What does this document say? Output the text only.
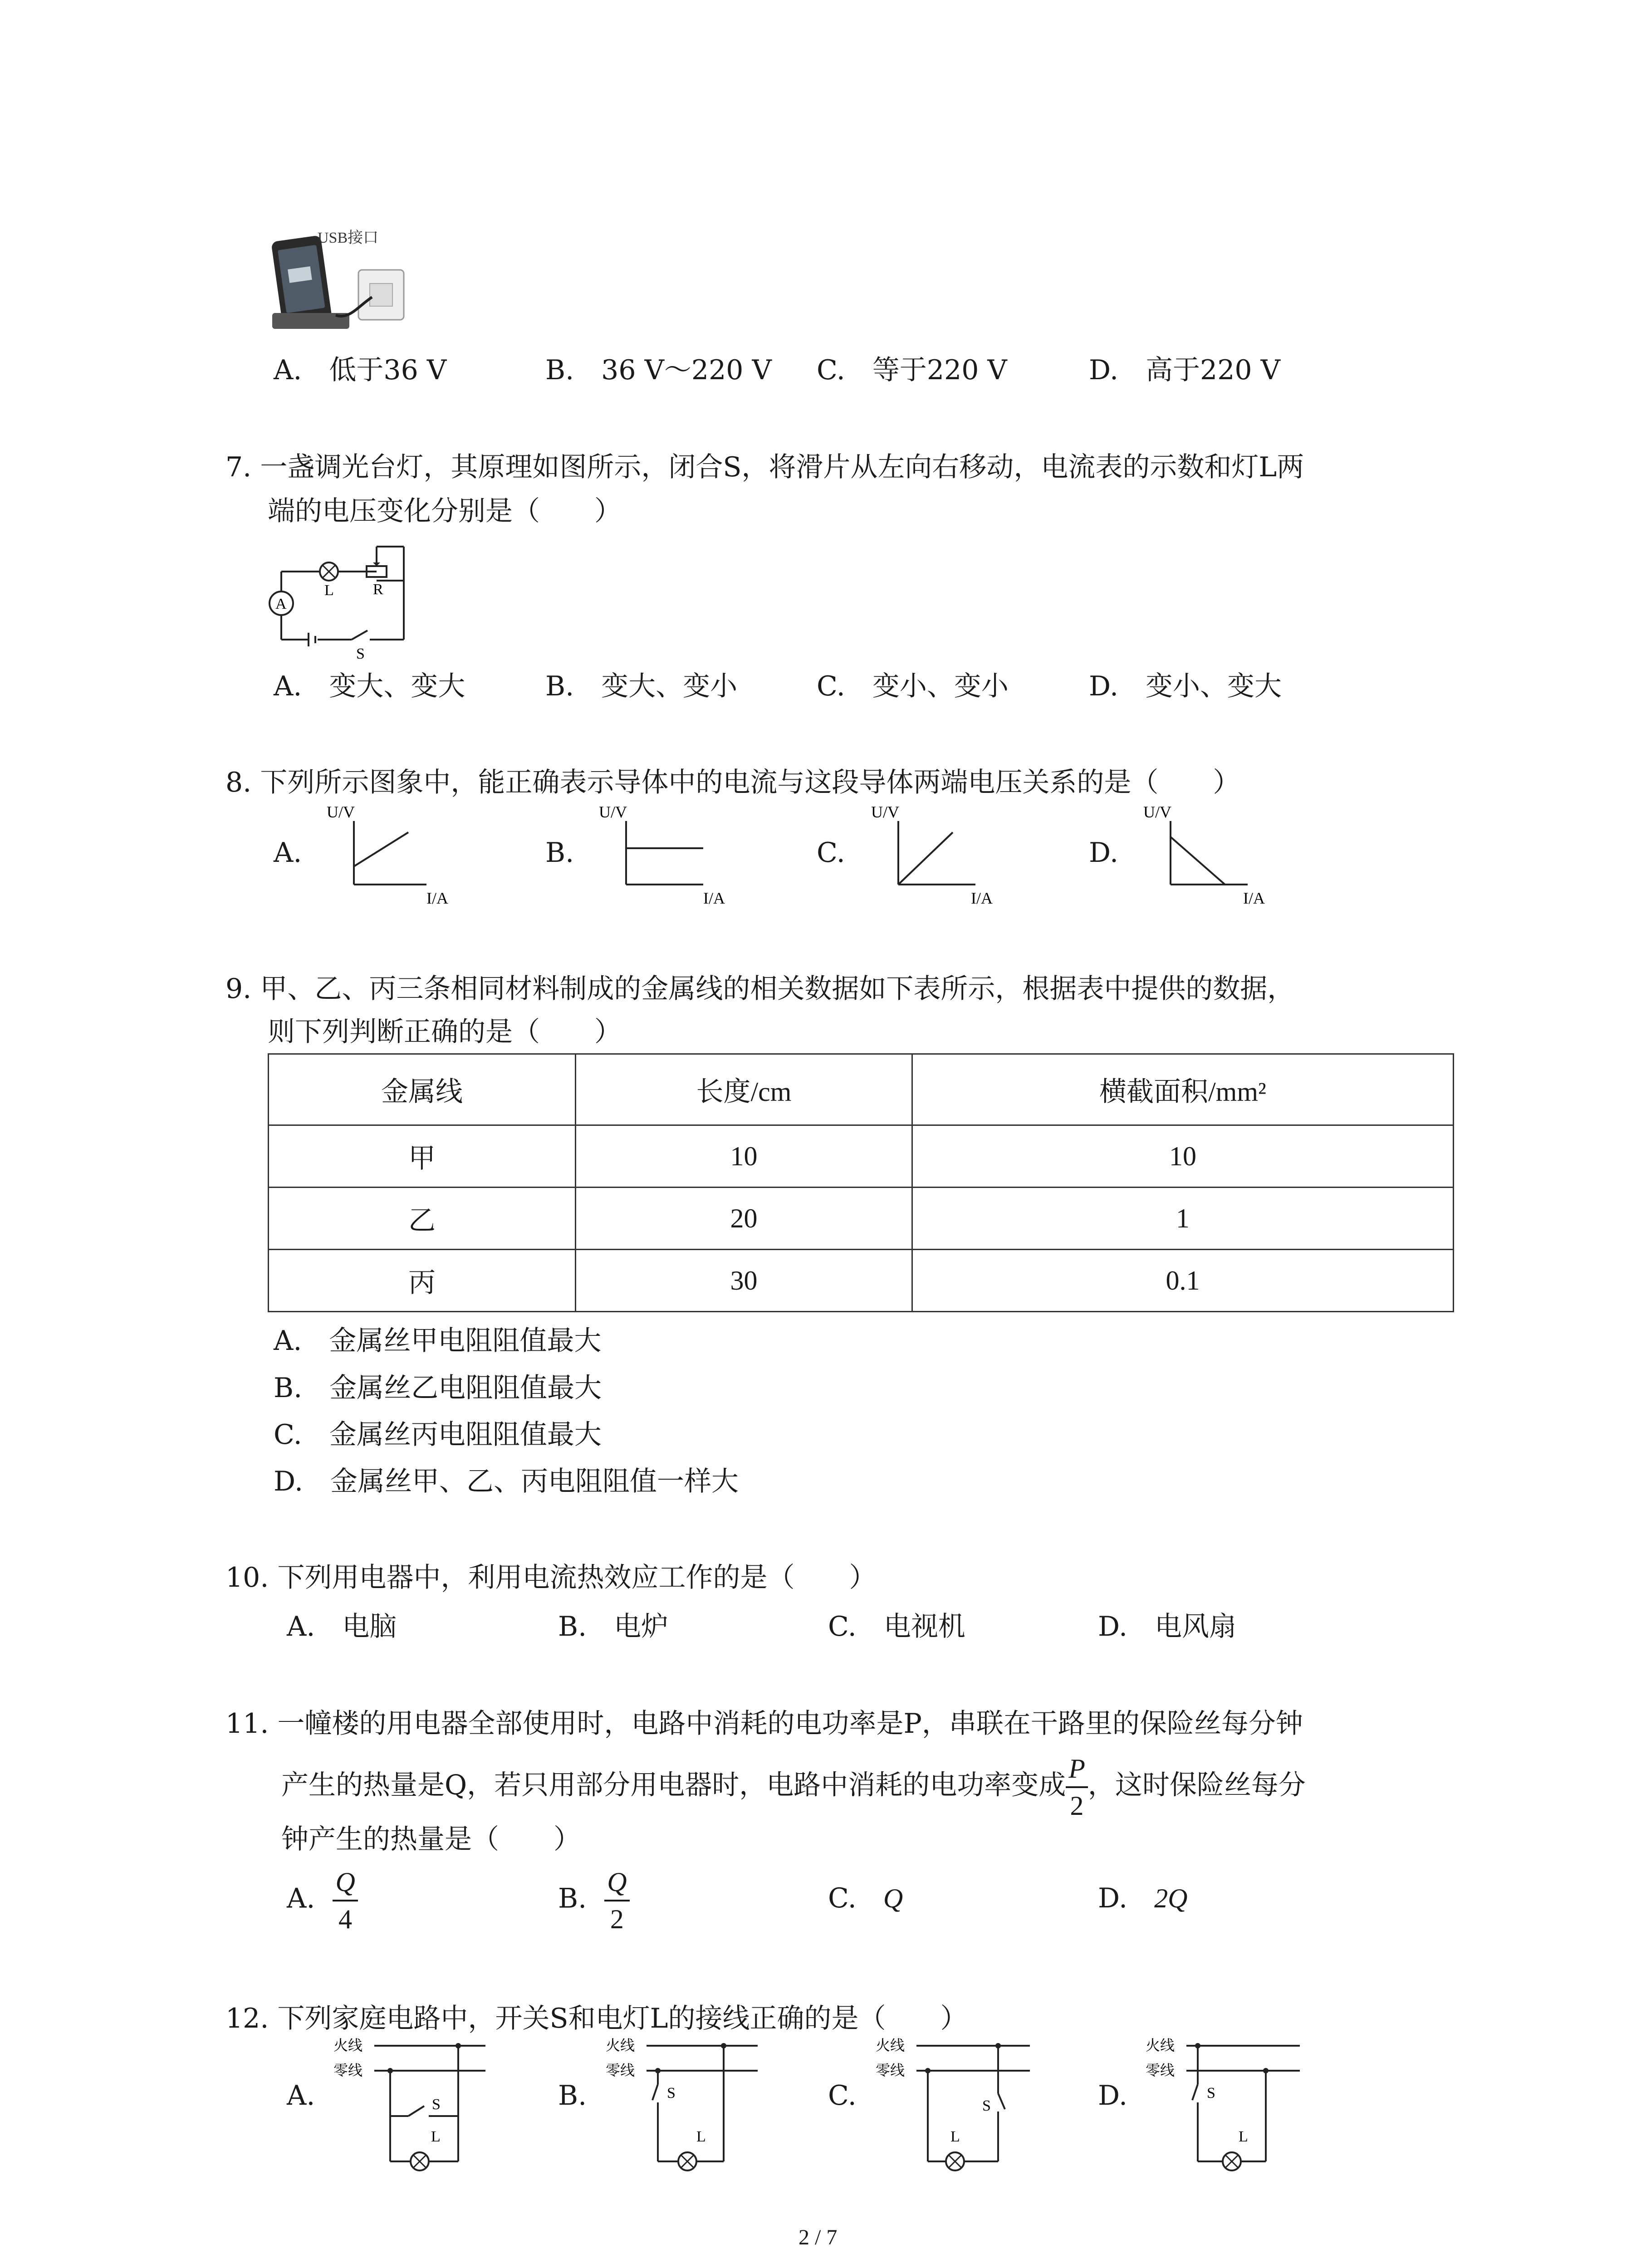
USB接口
A.　低于36 V	B.　36 V～220 V C.　等于220 V	D.　高于220 V
7. 一盏调光台灯，其原理如图所示，闭合S，将滑片从左向右移动，电流表的示数和灯L两
端的电压变化分别是（　　）
A
L	R
S
A.　变大、变大	B.　变大、变小	C.　变小、变小	D.　变小、变大
8. 下列所示图象中，能正确表示导体中的电流与这段导体两端电压关系的是（　　）
A.	B.	C.	D.
U/V
I/A
U/V
I/A
U/V
I/A
U/V
I/A
9. 甲、乙、丙三条相同材料制成的金属线的相关数据如下表所示，根据表中提供的数据，
则下列判断正确的是（　　）
金属线	长度/cm	横截面积/mm²
甲	10	10
乙	20	1
丙	30	0.1
A.　金属丝甲电阻阻值最大
B.　金属丝乙电阻阻值最大
C.　金属丝丙电阻阻值最大
D.　金属丝甲、乙、丙电阻阻值一样大
10. 下列用电器中，利用电流热效应工作的是（　　）
A.　电脑	B.　电炉	C.　电视机	D.　电风扇
11. 一幢楼的用电器全部使用时，电路中消耗的电功率是P，串联在干路里的保险丝每分钟
产生的热量是Q，若只用部分用电器时，电路中消耗的电功率变成 $\frac{P}{2}$ ，这时保险丝每分
钟产生的热量是（　　）
A. $\frac{Q}{4}$	B. $\frac{Q}{2}$	C. Q	D. 2Q
12. 下列家庭电路中，开关S和电灯L的接线正确的是（　　）
A.	B.	C.	D.
火线
零线
S
L
火线
零线
S
L
火线
零线
S
L
火线
零线
S
L
2 / 7
